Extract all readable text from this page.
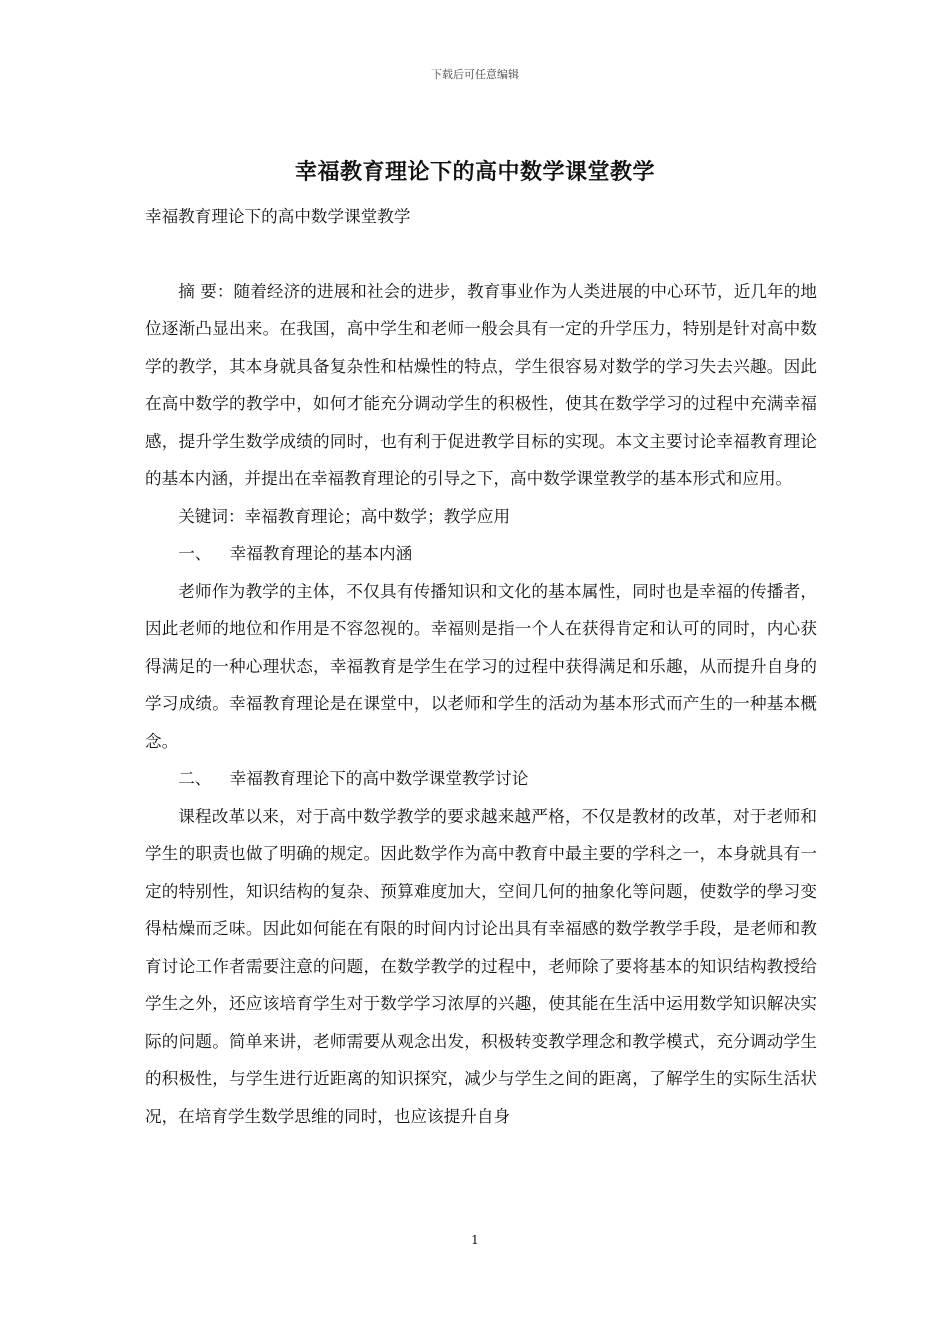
下载后可任意编辑
幸福教育理论下的高中数学课堂教学

幸福教育理论下的高中数学课堂教学

摘 要：随着经济的进展和社会的进步，教育事业作为人类进展的中心环节，近几年的地位逐渐凸显出来。在我国，高中学生和老师一般会具有一定的升学压力，特别是针对高中数学的教学，其本身就具备复杂性和枯燥性的特点，学生很容易对数学的学习失去兴趣。因此在高中数学的教学中，如何才能充分调动学生的积极性，使其在数学学习的过程中充满幸福感，提升学生数学成绩的同时，也有利于促进教学目标的实现。本文主要讨论幸福教育理论的基本内涵，并提出在幸福教育理论的引导之下，高中数学课堂教学的基本形式和应用。

关键词：幸福教育理论；高中数学；教学应用

一、 幸福教育理论的基本内涵

老师作为教学的主体，不仅具有传播知识和文化的基本属性，同时也是幸福的传播者，因此老师的地位和作用是不容忽视的。幸福则是指一个人在获得肯定和认可的同时，内心获得满足的一种心理状态，幸福教育是学生在学习的过程中获得满足和乐趣，从而提升自身的学习成绩。幸福教育理论是在课堂中，以老师和学生的活动为基本形式而产生的一种基本概念。

二、 幸福教育理论下的高中数学课堂教学讨论

课程改革以来，对于高中数学教学的要求越来越严格，不仅是教材的改革，对于老师和学生的职责也做了明确的规定。因此数学作为高中教育中最主要的学科之一，本身就具有一定的特别性，知识结构的复杂、预算难度加大，空间几何的抽象化等问题，使数学的學习变得枯燥而乏味。因此如何能在有限的时间内讨论出具有幸福感的数学教学手段，是老师和教育讨论工作者需要注意的问题，在数学教学的过程中，老师除了要将基本的知识结构教授给学生之外，还应该培育学生对于数学学习浓厚的兴趣，使其能在生活中运用数学知识解决实际的问题。简单来讲，老师需要从观念出发，积极转变教学理念和教学模式，充分调动学生的积极性，与学生进行近距离的知识探究，减少与学生之间的距离，了解学生的实际生活状况，在培育学生数学思维的同时，也应该提升自身

1
